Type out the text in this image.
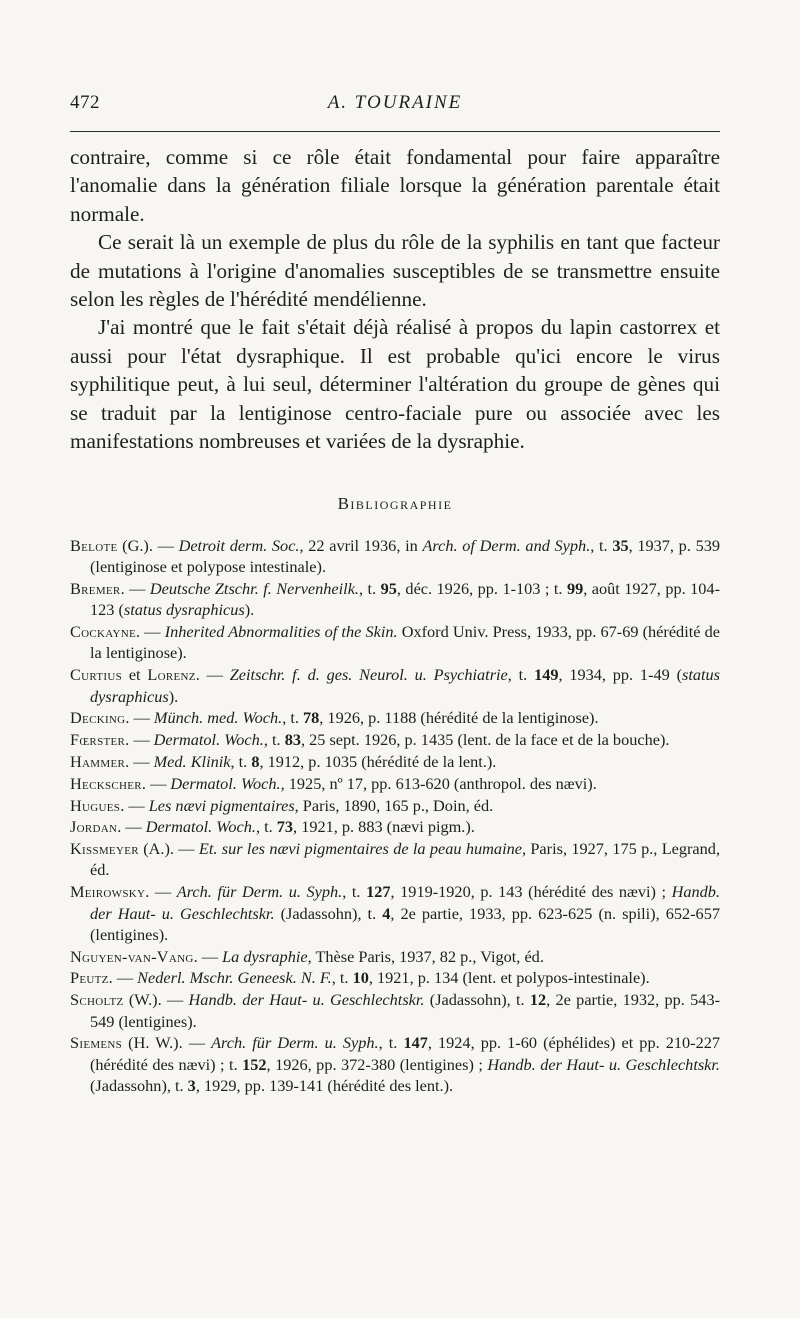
472	A. TOURAINE

contraire, comme si ce rôle était fondamental pour faire apparaître l'anomalie dans la génération filiale lorsque la génération parentale était normale.

Ce serait là un exemple de plus du rôle de la syphilis en tant que facteur de mutations à l'origine d'anomalies susceptibles de se transmettre ensuite selon les règles de l'hérédité mendélienne.

J'ai montré que le fait s'était déjà réalisé à propos du lapin castorrex et aussi pour l'état dysraphique. Il est probable qu'ici encore le virus syphilitique peut, à lui seul, déterminer l'altération du groupe de gènes qui se traduit par la lentiginose centro-faciale pure ou associée avec les manifestations nombreuses et variées de la dysraphie.

Bibliographie

Belote (G.). — Detroit derm. Soc., 22 avril 1936, in Arch. of Derm. and Syph., t. 35, 1937, p. 539 (lentiginose et polypose intestinale).

Bremer. — Deutsche Ztschr. f. Nervenheilk., t. 95, déc. 1926, pp. 1-103 ; t. 99, août 1927, pp. 104-123 (status dysraphicus).

Cockayne. — Inherited Abnormalities of the Skin. Oxford Univ. Press, 1933, pp. 67-69 (hérédité de la lentiginose).

Curtius et Lorenz. — Zeitschr. f. d. ges. Neurol. u. Psychiatrie, t. 149, 1934, pp. 1-49 (status dysraphicus).

Decking. — Münch. med. Woch., t. 78, 1926, p. 1188 (hérédité de la lentiginose).

Fœrster. — Dermatol. Woch., t. 83, 25 sept. 1926, p. 1435 (lent. de la face et de la bouche).

Hammer. — Med. Klinik, t. 8, 1912, p. 1035 (hérédité de la lent.).

Heckscher. — Dermatol. Woch., 1925, nº 17, pp. 613-620 (anthropol. des nævi).

Hugues. — Les nævi pigmentaires, Paris, 1890, 165 p., Doin, éd.

Jordan. — Dermatol. Woch., t. 73, 1921, p. 883 (nævi pigm.).

Kissmeyer (A.). — Et. sur les nævi pigmentaires de la peau humaine, Paris, 1927, 175 p., Legrand, éd.

Meirowsky. — Arch. für Derm. u. Syph., t. 127, 1919-1920, p. 143 (hérédité des nævi) ; Handb. der Haut- u. Geschlechtskr. (Jadassohn), t. 4, 2e partie, 1933, pp. 623-625 (n. spili), 652-657 (lentigines).

Nguyen-van-Vang. — La dysraphie, Thèse Paris, 1937, 82 p., Vigot, éd.

Peutz. — Nederl. Mschr. Geneesk. N. F., t. 10, 1921, p. 134 (lent. et polypos-intestinale).

Scholtz (W.). — Handb. der Haut- u. Geschlechtskr. (Jadassohn), t. 12, 2e partie, 1932, pp. 543-549 (lentigines).

Siemens (H. W.). — Arch. für Derm. u. Syph., t. 147, 1924, pp. 1-60 (éphélides) et pp. 210-227 (hérédité des nævi) ; t. 152, 1926, pp. 372-380 (lentigines) ; Handb. der Haut- u. Geschlechtskr. (Jadassohn), t. 3, 1929, pp. 139-141 (hérédité des lent.).
